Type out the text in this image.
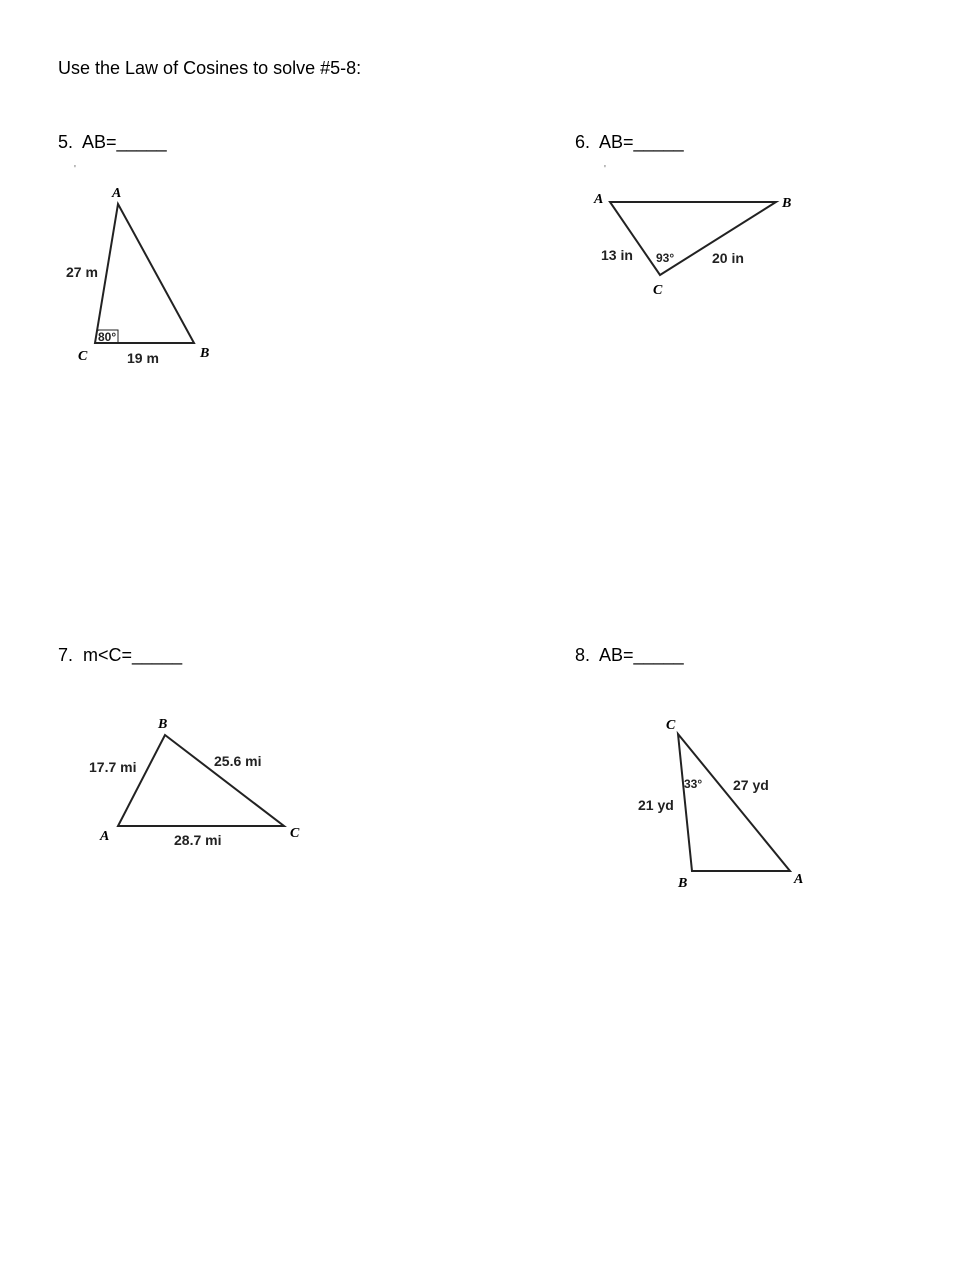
Use the Law of Cosines to solve #5-8:
5.  AB=_____
'
A
B
C
27 m
19 m
80°
6.  AB=_____
'
A	B
C
13 in	20 in
93°
7.  m<C=_____
B
A	C
17.7 mi	25.6 mi
28.7 mi
8.  AB=_____
C
B	A
21 yd
27 yd
33°
